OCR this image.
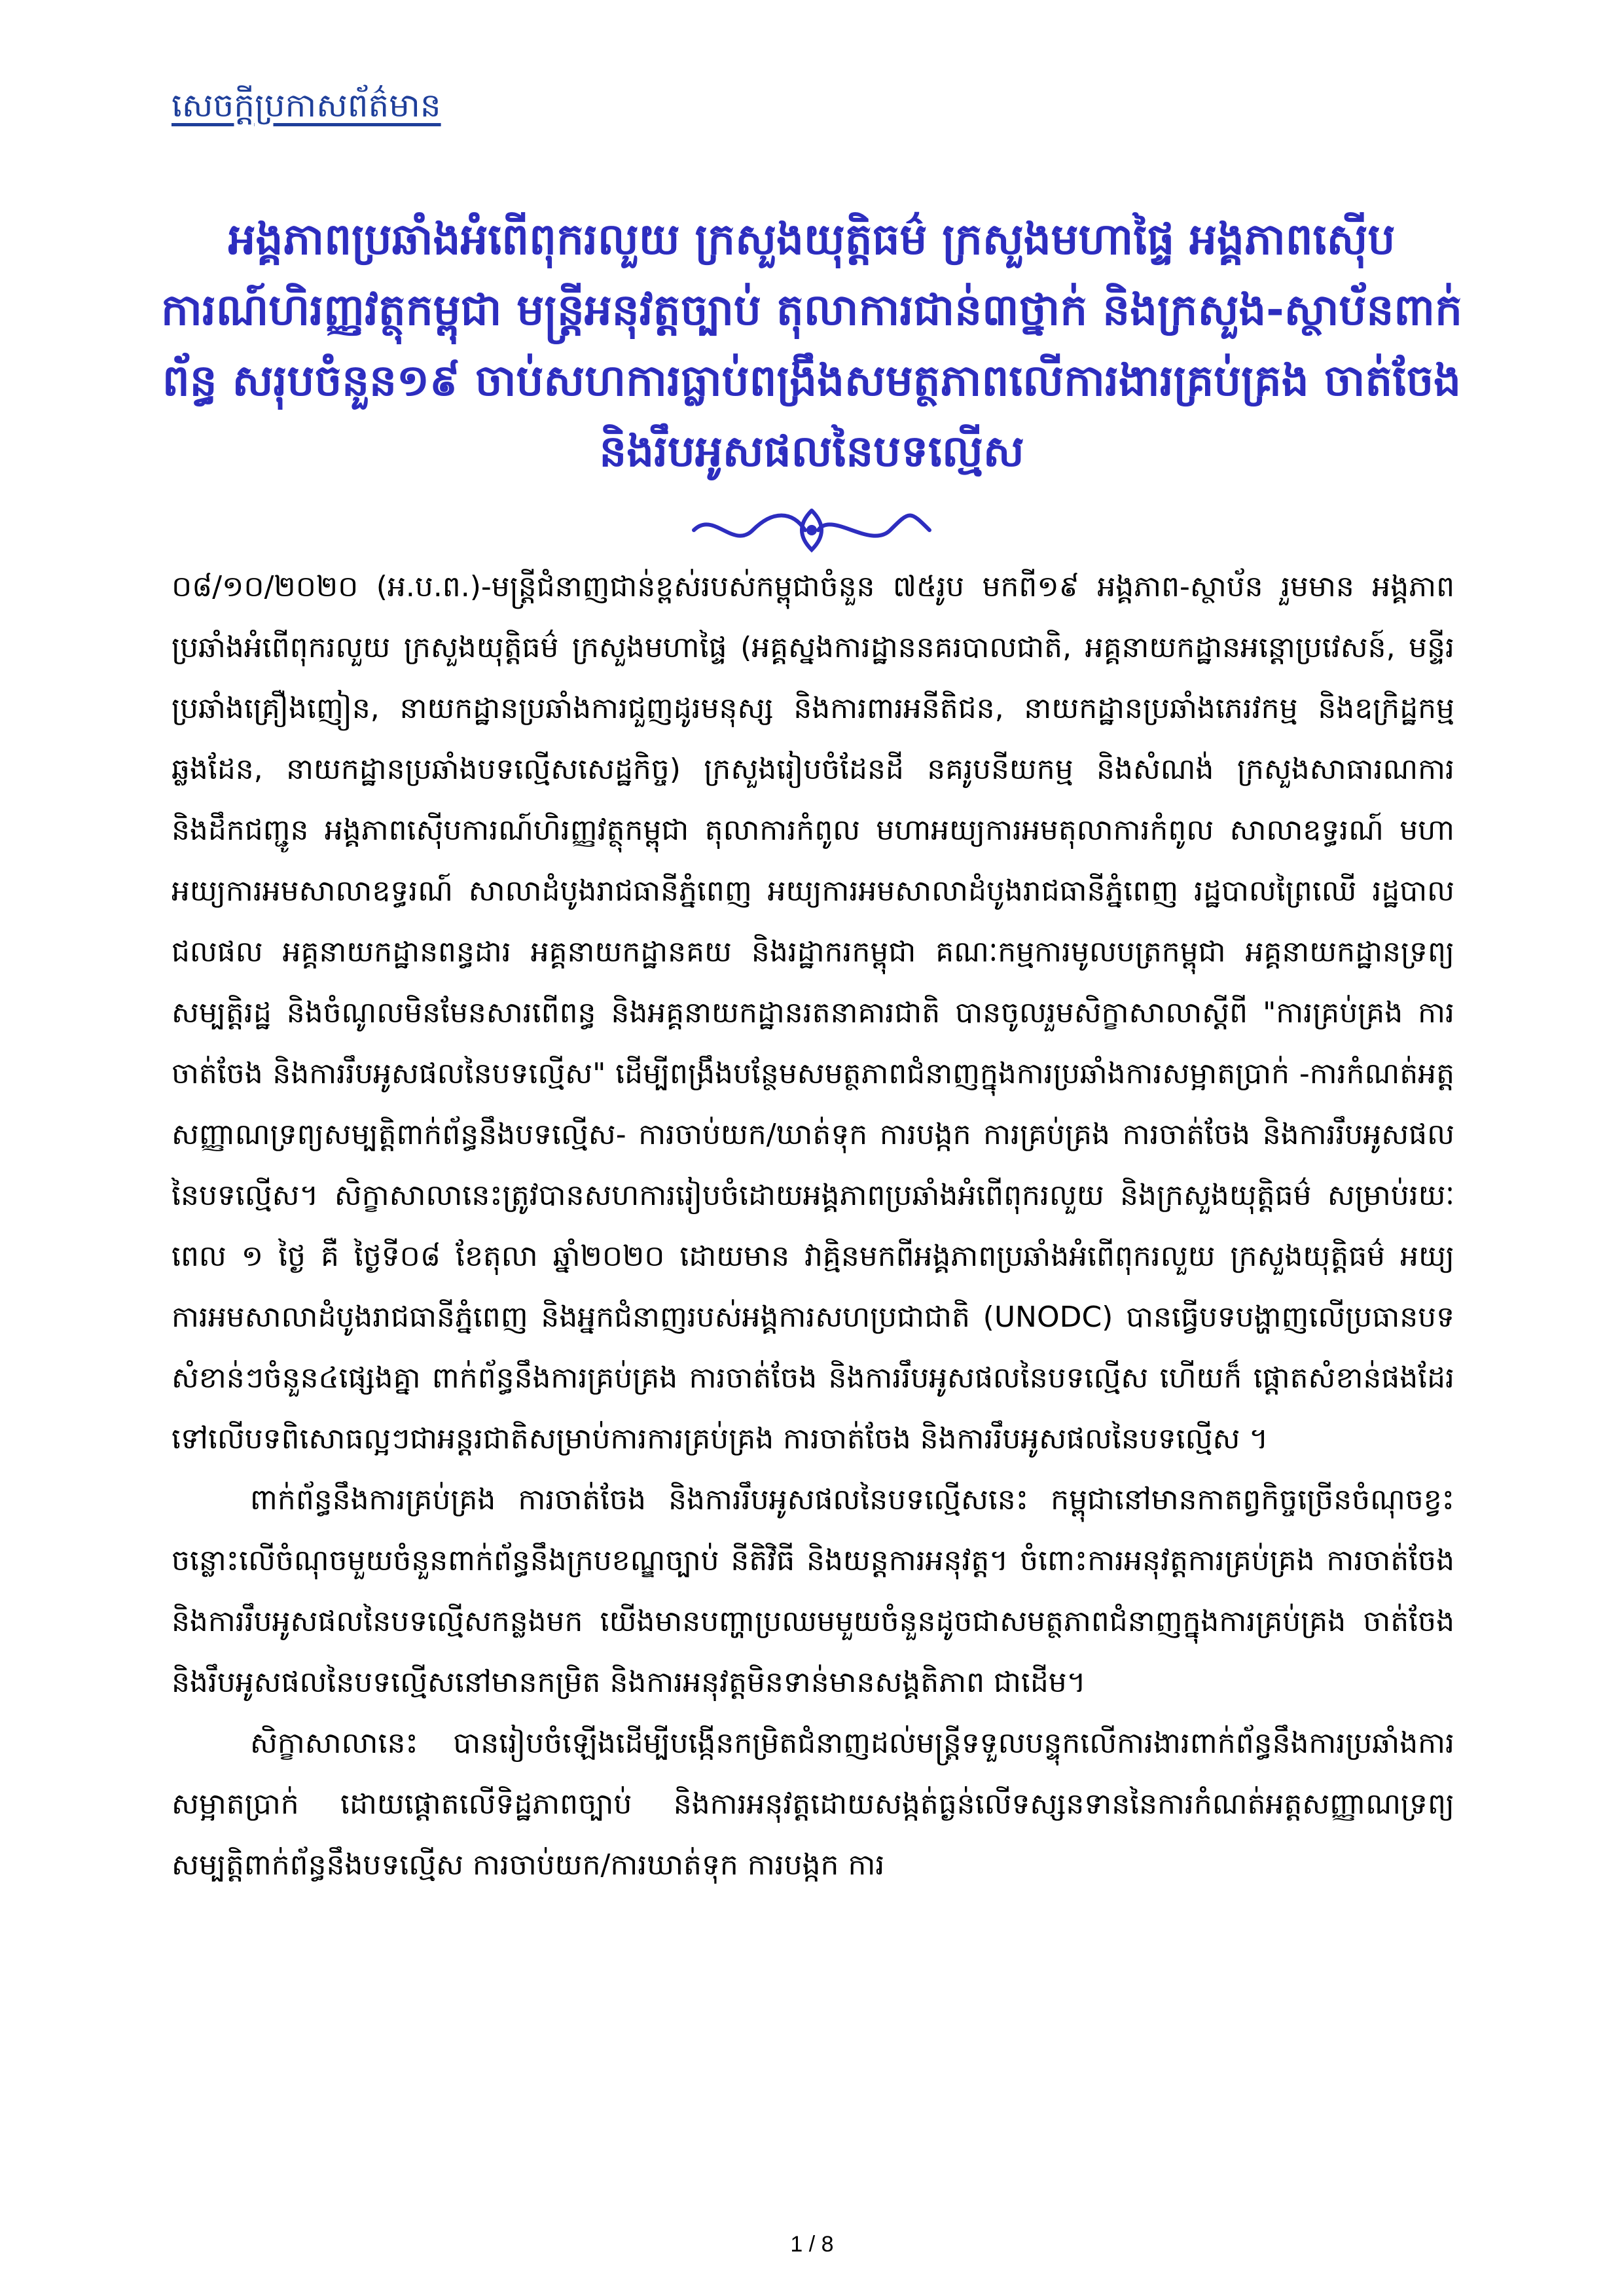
សេចក្តីប្រកាសព័ត៌មាន
អង្គភាពប្រឆាំងអំពើពុករលួយ ក្រសួងយុត្តិធម៌ ក្រសួងមហាផ្ទៃ អង្គភាពស៊ើបការណ៍ហិរញ្ញវត្ថុកម្ពុជា មន្រ្តីអនុវត្តច្បាប់ តុលាការជាន់៣ថ្នាក់ និងក្រសួង-ស្ថាប័នពាក់ព័ន្ធ សរុបចំនួន១៩ ចាប់សហការធ្លាប់ពង្រឹងសមត្ថភាពលើការងារគ្រប់គ្រង ចាត់ចែង និងរឹបអូសផលនៃបទល្មើស

០៨/១០/២០២០ (អ.ប.ព.)-មន្ត្រីជំនាញជាន់ខ្ពស់របស់កម្ពុជាចំនួន ៧៥រូប មកពី១៩ អង្គភាព-ស្ថាប័ន រួមមាន អង្គភាពប្រឆាំងអំពើពុករលួយ ក្រសួងយុត្តិធម៌ ក្រសួងមហាផ្ទៃ (អគ្គស្នងការដ្ឋាននគរបាលជាតិ, អគ្គនាយកដ្ឋានអន្តោប្រវេសន៍, មន្ទីរប្រឆាំងគ្រឿងញៀន, នាយកដ្ឋានប្រឆាំងការជួញដូរមនុស្ស និងការពារអនីតិជន, នាយកដ្ឋានប្រឆាំងភេរវកម្ម និងឧក្រិដ្ឋកម្មឆ្លងដែន, នាយកដ្ឋានប្រឆាំងបទល្មើសសេដ្ឋកិច្ច) ក្រសួងរៀបចំដែនដី នគរូបនីយកម្ម និងសំណង់ ក្រសួងសាធារណការ និងដឹកជញ្ជូន អង្គភាពស៊ើបការណ៍ហិរញ្ញវត្ថុកម្ពុជា តុលាការកំពូល មហាអយ្យការអមតុលាការកំពូល សាលាឧទ្ធរណ៍ មហាអយ្យការអមសាលាឧទ្ធរណ៍ សាលាដំបូងរាជធានីភ្នំពេញ អយ្យការអមសាលាដំបូងរាជធានីភ្នំពេញ រដ្ឋបាលព្រៃឈើ រដ្ឋបាលជលផល អគ្គនាយកដ្ឋានពន្ធដារ អគ្គនាយកដ្ឋានគយ និងរដ្ឋាករកម្ពុជា គណៈកម្មការមូលបត្រកម្ពុជា អគ្គនាយកដ្ឋានទ្រព្យសម្បត្តិរដ្ឋ និងចំណូលមិនមែនសារពើពន្ធ និងអគ្គនាយកដ្ឋានរតនាគារជាតិ បានចូលរួមសិក្ខាសាលាស្តីពី "ការគ្រប់គ្រង ការចាត់ចែង និងការរឹបអូសផលនៃបទល្មើស" ដើម្បីពង្រឹងបន្ថែមសមត្ថភាពជំនាញក្នុងការប្រឆាំងការសម្អាតប្រាក់ -ការកំណត់អត្តសញ្ញាណទ្រព្យសម្បត្តិពាក់ព័ន្ធនឹងបទល្មើស- ការចាប់យក/ឃាត់ទុក ការបង្កក ការគ្រប់គ្រង ការចាត់ចែង និងការរឹបអូសផលនៃបទល្មើស។ សិក្ខាសាលានេះត្រូវបានសហការរៀបចំដោយអង្គភាពប្រឆាំងអំពើពុករលួយ និងក្រសួងយុត្តិធម៌ សម្រាប់រយៈពេល ១ ថ្ងៃ គឺ ថ្ងៃទី០៨ ខែតុលា ឆ្នាំ២០២០ ដោយមាន វាគ្មិនមកពីអង្គភាពប្រឆាំងអំពើពុករលួយ ក្រសួងយុត្តិធម៌ អយ្យការអមសាលាដំបូងរាជធានីភ្នំពេញ និងអ្នកជំនាញរបស់អង្គការសហប្រជាជាតិ (UNODC) បានធ្វើបទបង្ហាញលើប្រធានបទ សំខាន់ៗចំនួន៤ផ្សេងគ្នា ពាក់ព័ន្ធនឹងការគ្រប់គ្រង ការចាត់ចែង និងការរឹបអូសផលនៃបទល្មើស ហើយក៏ ផ្តោតសំខាន់ផងដែរទៅលើបទពិសោធល្អៗជាអន្តរជាតិសម្រាប់ការការគ្រប់គ្រង ការចាត់ចែង និងការរឹបអូសផលនៃបទល្មើស ។

ពាក់ព័ន្ធនឹងការគ្រប់គ្រង ការចាត់ចែង និងការរឹបអូសផលនៃបទល្មើសនេះ កម្ពុជានៅមានកាតព្វកិច្ចច្រើនចំណុចខ្វះចន្លោះលើចំណុចមួយចំនួនពាក់ព័ន្ធនឹងក្របខណ្ឌច្បាប់ នីតិវិធី និងយន្តការអនុវត្ត។ ចំពោះការអនុវត្តការគ្រប់គ្រង ការចាត់ចែង និងការរឹបអូសផលនៃបទល្មើសកន្លងមក យើងមានបញ្ហាប្រឈមមួយចំនួនដូចជាសមត្ថភាពជំនាញក្នុងការគ្រប់គ្រង ចាត់ចែង និងរឹបអូសផលនៃបទល្មើសនៅមានកម្រិត និងការអនុវត្តមិនទាន់មានសង្គតិភាព ជាដើម។

សិក្ខាសាលានេះ បានរៀបចំឡើងដើម្បីបង្កើនកម្រិតជំនាញដល់មន្ត្រីទទួលបន្ទុកលើការងារពាក់ព័ន្ធនឹងការប្រឆាំងការសម្អាតប្រាក់ ដោយផ្តោតលើទិដ្ឋភាពច្បាប់ និងការអនុវត្តដោយសង្កត់ធ្ងន់លើទស្សនទាននៃការកំណត់អត្តសញ្ញាណទ្រព្យសម្បត្តិពាក់ព័ន្ធនឹងបទល្មើស ការចាប់យក/ការឃាត់ទុក ការបង្កក ការ

1 / 8
